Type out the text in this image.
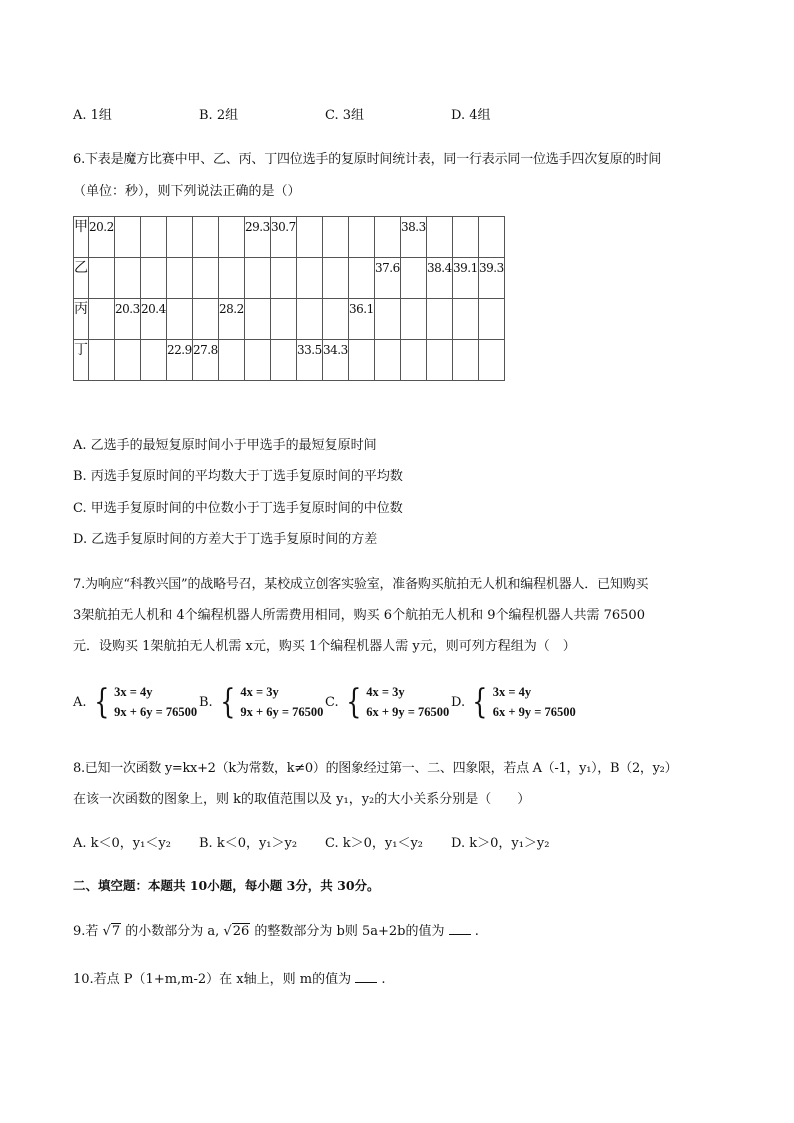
A. 1组	B. 2组	C. 3组	D. 4组
6.下表是魔方比赛中甲、乙、丙、丁四位选手的复原时间统计表，同一行表示同一位选手四次复原的时间
（单位：秒），则下列说法正确的是（）
甲	20.2						29.3	30.7					38.3			
乙												37.6		38.4	39.1	39.3
丙		20.3	20.4			28.2					36.1					
丁				22.9	27.8				33.5	34.3						
A. 乙选手的最短复原时间小于甲选手的最短复原时间
B. 丙选手复原时间的平均数大于丁选手复原时间的平均数
C. 甲选手复原时间的中位数小于丁选手复原时间的中位数
D. 乙选手复原时间的方差大于丁选手复原时间的方差
7.为响应“科教兴国”的战略号召，某校成立创客实验室，准备购买航拍无人机和编程机器人．已知购买
3架航拍无人机和 4个编程机器人所需费用相同，购买 6个航拍无人机和 9个编程机器人共需 76500
元．设购买 1架航拍无人机需 x元，购买 1个编程机器人需 y元，则可列方程组为（　）
A. { 3x = 4y9x + 6y = 76500
B. { 4x = 3y9x + 6y = 76500
C. { 4x = 3y6x + 9y = 76500
D. { 3x = 4y6x + 9y = 76500
8.已知一次函数 y=kx+2（k为常数，k≠0）的图象经过第一、二、四象限，若点 A（-1，y₁），B（2，y₂）
在该一次函数的图象上，则 k的取值范围以及 y₁，y₂的大小关系分别是（　　）
A. k＜0，y₁＜y₂	B. k＜0，y₁＞y₂	C. k＞0，y₁＜y₂	D. k＞0，y₁＞y₂
二、填空题：本题共 10小题，每小题 3分，共 30分。
9.若 √7 的小数部分为 a, √26 的整数部分为 b则 5a+2b的值为 .
10.若点 P（1+m,m-2）在 x轴上，则 m的值为 .
